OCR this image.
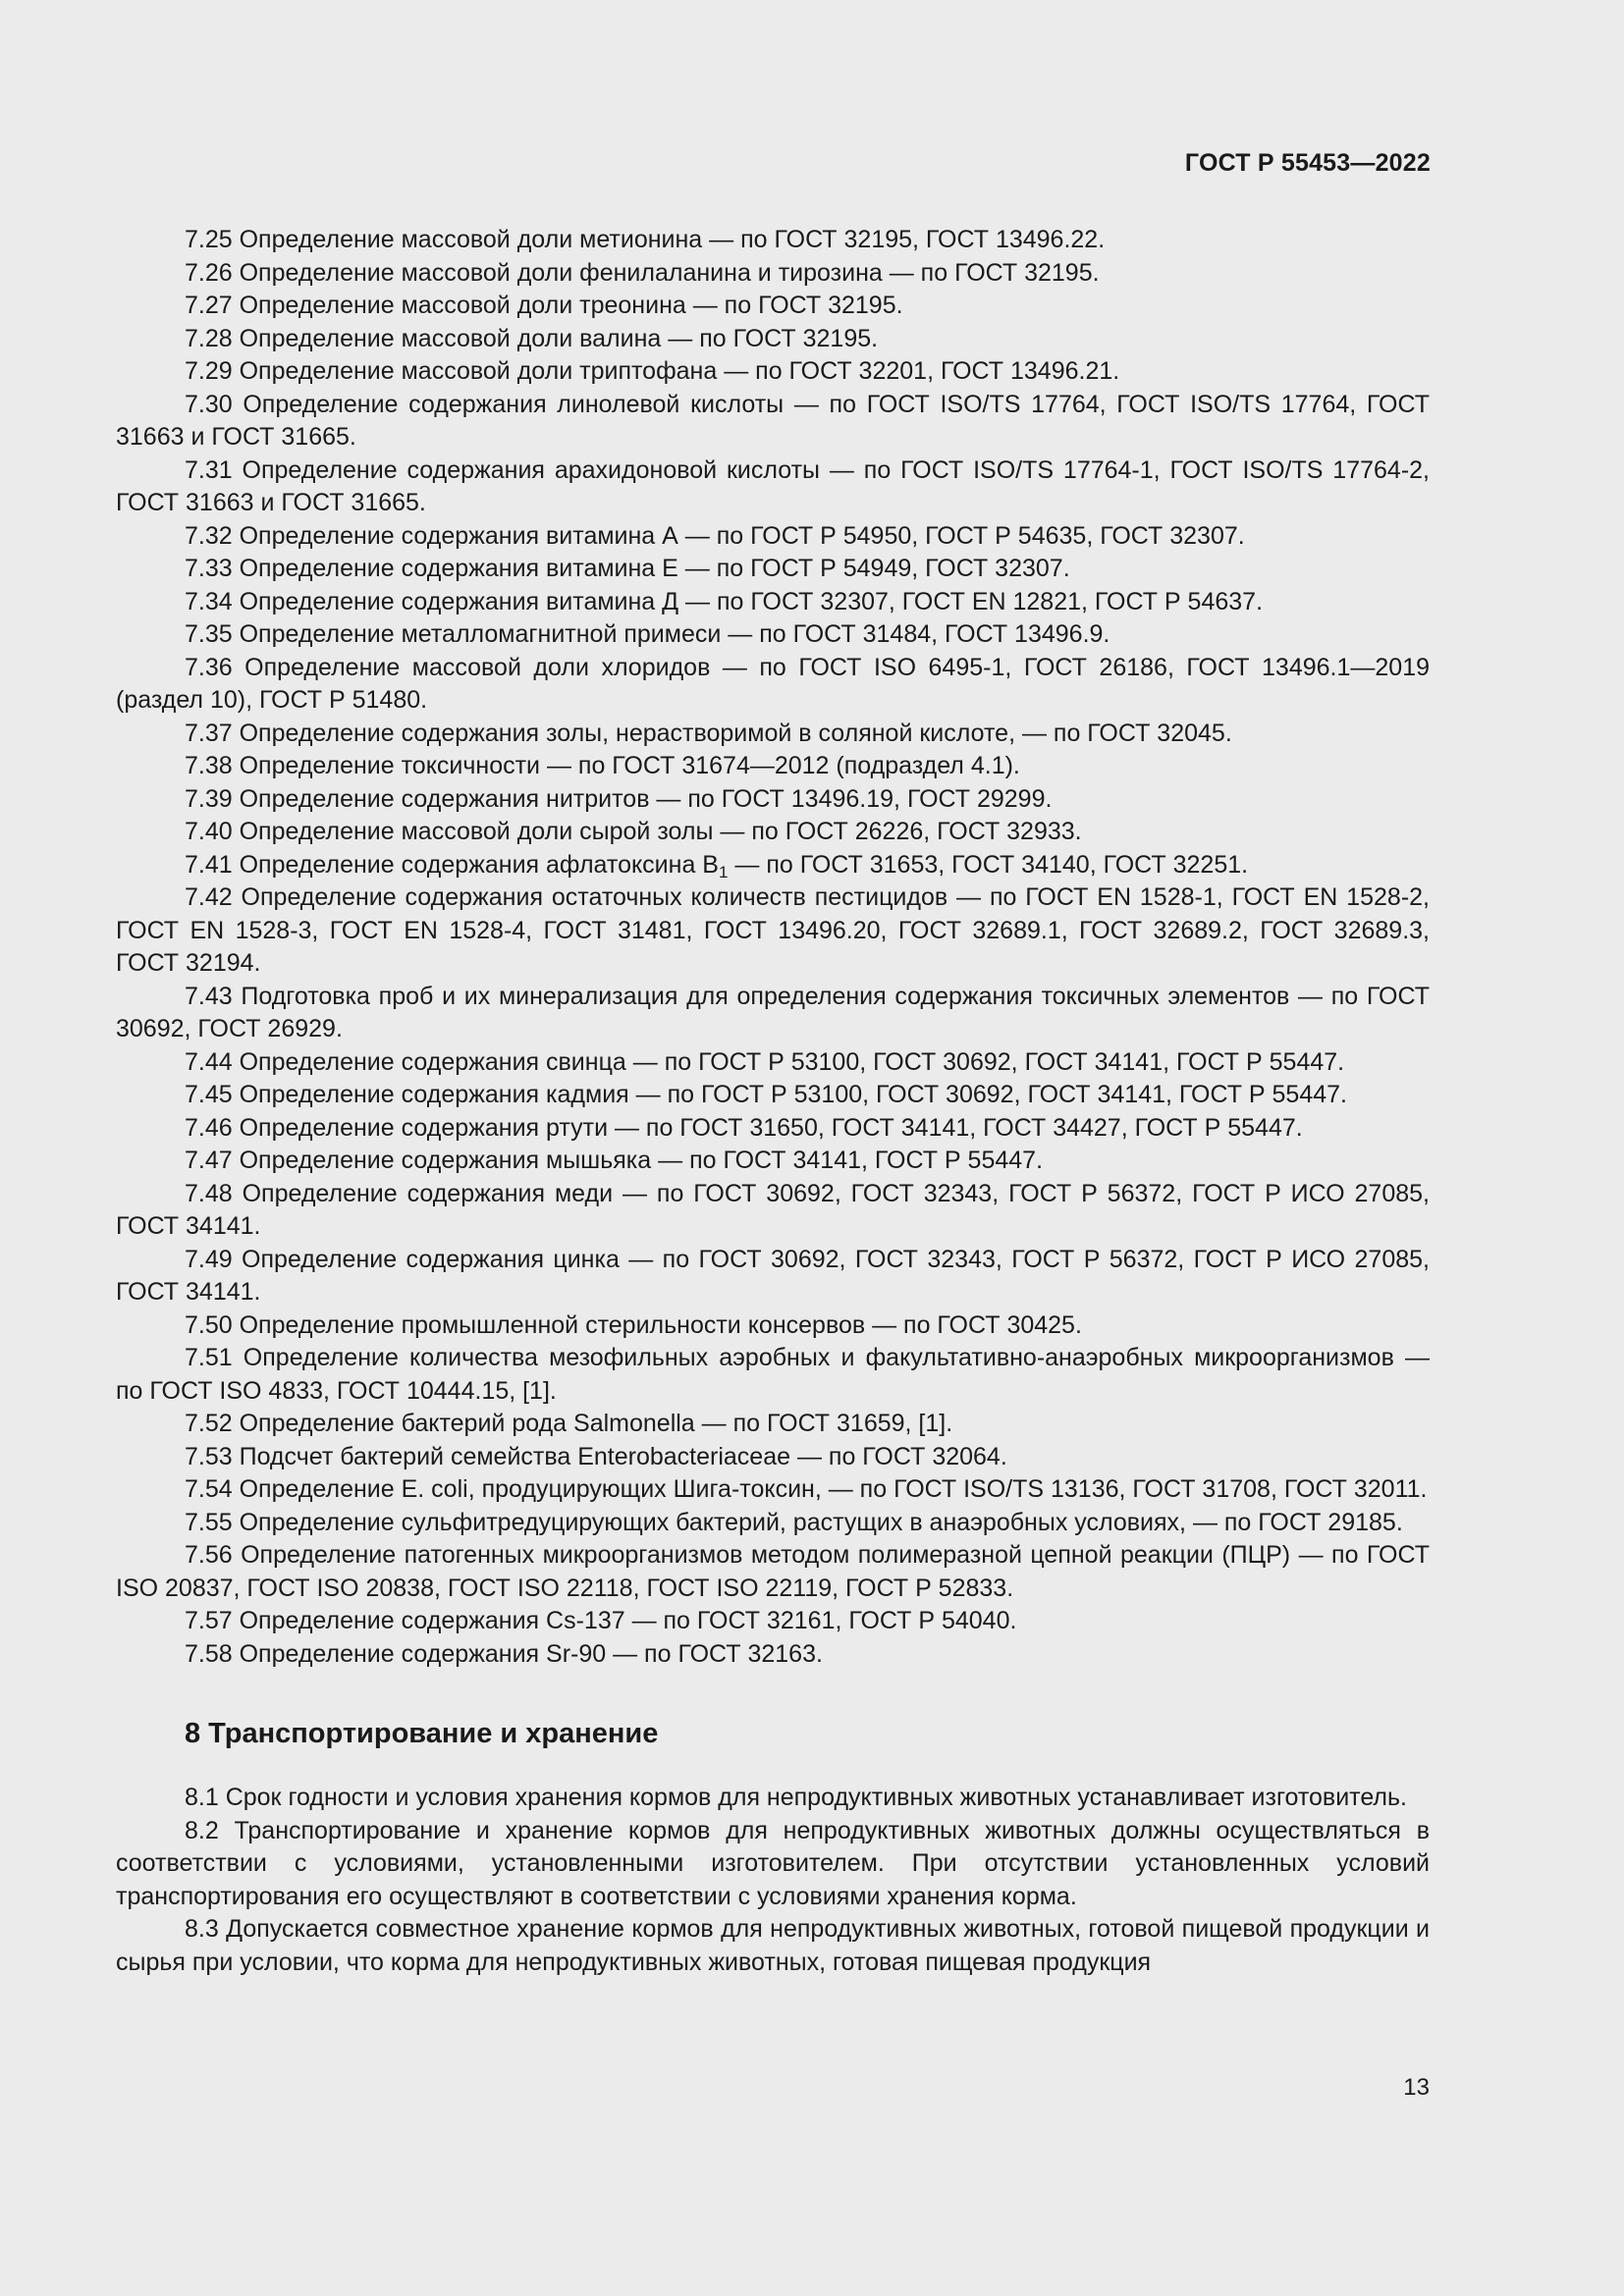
ГОСТ Р 55453—2022

7.25 Определение массовой доли метионина — по ГОСТ 32195, ГОСТ 13496.22.

7.26 Определение массовой доли фенилаланина и тирозина — по ГОСТ 32195.

7.27 Определение массовой доли треонина — по ГОСТ 32195.

7.28 Определение массовой доли валина — по ГОСТ 32195.

7.29 Определение массовой доли триптофана — по ГОСТ 32201, ГОСТ 13496.21.

7.30 Определение содержания линолевой кислоты — по ГОСТ ISO/TS 17764, ГОСТ ISO/TS 17764, ГОСТ 31663 и ГОСТ 31665.

7.31 Определение содержания арахидоновой кислоты — по ГОСТ ISO/TS 17764-1, ГОСТ ISO/TS 17764-2, ГОСТ 31663 и ГОСТ 31665.

7.32 Определение содержания витамина А — по ГОСТ Р 54950, ГОСТ Р 54635, ГОСТ 32307.

7.33 Определение содержания витамина Е — по ГОСТ Р 54949, ГОСТ 32307.

7.34 Определение содержания витамина Д — по ГОСТ 32307, ГОСТ EN 12821, ГОСТ Р 54637.

7.35 Определение металломагнитной примеси — по ГОСТ 31484, ГОСТ 13496.9.

7.36 Определение массовой доли хлоридов — по ГОСТ ISO 6495-1, ГОСТ 26186, ГОСТ 13496.1—2019 (раздел 10), ГОСТ Р 51480.

7.37 Определение содержания золы, нерастворимой в соляной кислоте, — по ГОСТ 32045.

7.38 Определение токсичности — по ГОСТ 31674—2012 (подраздел 4.1).

7.39 Определение содержания нитритов — по ГОСТ 13496.19, ГОСТ 29299.

7.40 Определение массовой доли сырой золы — по ГОСТ 26226, ГОСТ 32933.

7.41 Определение содержания афлатоксина $В_1$ — по ГОСТ 31653, ГОСТ 34140, ГОСТ 32251.

7.42 Определение содержания остаточных количеств пестицидов — по ГОСТ EN 1528-1, ГОСТ EN 1528-2, ГОСТ EN 1528-3, ГОСТ EN 1528-4, ГОСТ 31481, ГОСТ 13496.20, ГОСТ 32689.1, ГОСТ 32689.2, ГОСТ 32689.3, ГОСТ 32194.

7.43 Подготовка проб и их минерализация для определения содержания токсичных элементов — по ГОСТ 30692, ГОСТ 26929.

7.44 Определение содержания свинца — по ГОСТ Р 53100, ГОСТ 30692, ГОСТ 34141, ГОСТ Р 55447.

7.45 Определение содержания кадмия — по ГОСТ Р 53100, ГОСТ 30692, ГОСТ 34141, ГОСТ Р 55447.

7.46 Определение содержания ртути — по ГОСТ 31650, ГОСТ 34141, ГОСТ 34427, ГОСТ Р 55447.

7.47 Определение содержания мышьяка — по ГОСТ 34141, ГОСТ Р 55447.

7.48 Определение содержания меди — по ГОСТ 30692, ГОСТ 32343, ГОСТ Р 56372, ГОСТ Р ИСО 27085, ГОСТ 34141.

7.49 Определение содержания цинка — по ГОСТ 30692, ГОСТ 32343, ГОСТ Р 56372, ГОСТ Р ИСО 27085, ГОСТ 34141.

7.50 Определение промышленной стерильности консервов — по ГОСТ 30425.

7.51 Определение количества мезофильных аэробных и факультативно-анаэробных микроорганизмов — по ГОСТ ISO 4833, ГОСТ 10444.15, [1].

7.52 Определение бактерий рода Salmonella — по ГОСТ 31659, [1].

7.53 Подсчет бактерий семейства Enterobacteriaceae — по ГОСТ 32064.

7.54 Определение E. coli, продуцирующих Шига-токсин, — по ГОСТ ISO/TS 13136, ГОСТ 31708, ГОСТ 32011.

7.55 Определение сульфитредуцирующих бактерий, растущих в анаэробных условиях, — по ГОСТ 29185.

7.56 Определение патогенных микроорганизмов методом полимеразной цепной реакции (ПЦР) — по ГОСТ ISO 20837, ГОСТ ISO 20838, ГОСТ ISO 22118, ГОСТ ISO 22119, ГОСТ Р 52833.

7.57 Определение содержания Cs-137 — по ГОСТ 32161, ГОСТ Р 54040.

7.58 Определение содержания Sr-90 — по ГОСТ 32163.

8 Транспортирование и хранение

8.1 Срок годности и условия хранения кормов для непродуктивных животных устанавливает изготовитель.

8.2 Транспортирование и хранение кормов для непродуктивных животных должны осуществляться в соответствии с условиями, установленными изготовителем. При отсутствии установленных условий транспортирования его осуществляют в соответствии с условиями хранения корма.

8.3 Допускается совместное хранение кормов для непродуктивных животных, готовой пищевой продукции и сырья при условии, что корма для непродуктивных животных, готовая пищевая продукция

13
